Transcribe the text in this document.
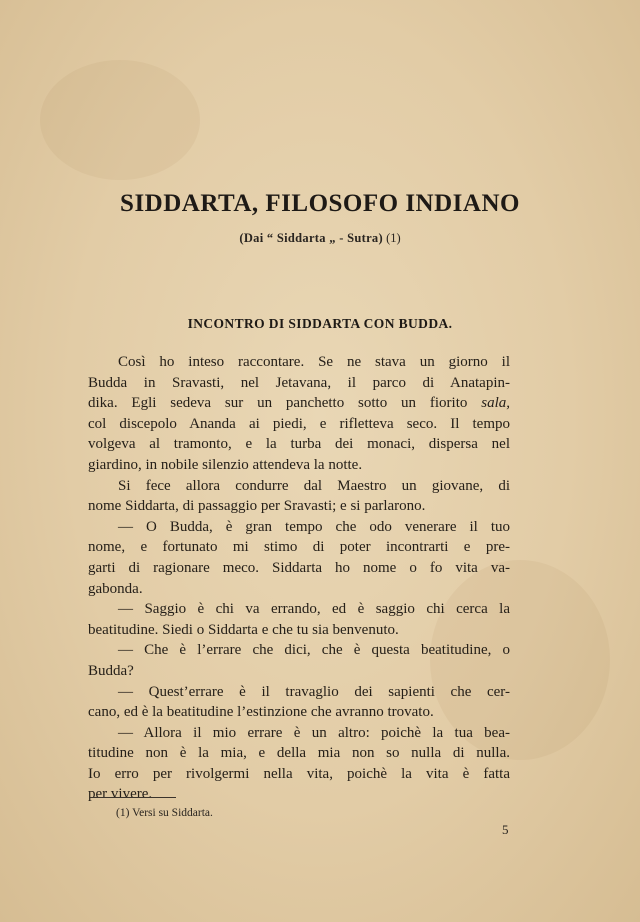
SIDDARTA, FILOSOFO INDIANO
(Dai “ Siddarta „ - Sutra) (1)
INCONTRO DI SIDDARTA CON BUDDA.
Così ho inteso raccontare. Se ne stava un giorno il
Budda in Sravasti, nel Jetavana, il parco di Anatapin-
dika. Egli sedeva sur un panchetto sotto un fiorito sala,
col discepolo Ananda ai piedi, e rifletteva seco. Il tempo
volgeva al tramonto, e la turba dei monaci, dispersa nel
giardino, in nobile silenzio attendeva la notte.
Si fece allora condurre dal Maestro un giovane, di
nome Siddarta, di passaggio per Sravasti; e si parlarono.
— O Budda, è gran tempo che odo venerare il tuo
nome, e fortunato mi stimo di poter incontrarti e pre-
garti di ragionare meco. Siddarta ho nome o fo vita va-
gabonda.
— Saggio è chi va errando, ed è saggio chi cerca la
beatitudine. Siedi o Siddarta e che tu sia benvenuto.
— Che è l’errare che dici, che è questa beatitudine, o
Budda?
— Quest’errare è il travaglio dei sapienti che cer-
cano, ed è la beatitudine l’estinzione che avranno trovato.
— Allora il mio errare è un altro: poichè la tua bea-
titudine non è la mia, e della mia non so nulla di nulla.
Io erro per rivolgermi nella vita, poichè la vita è fatta
per vivere.
(1) Versi su Siddarta.
5
